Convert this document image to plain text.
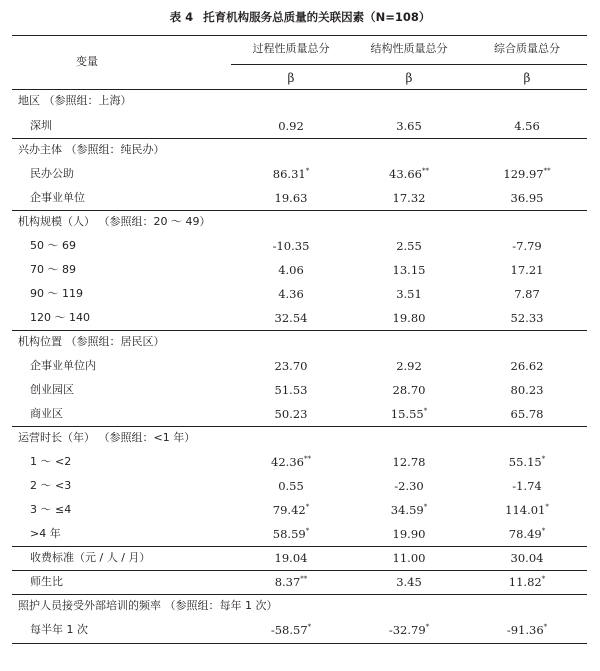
表 4 托育机构服务总质量的关联因素（N=108）
变量
过程性质量总分	结构性质量总分	综合质量总分
β	β	β
地区 （参照组：上海）
深圳	0.92	3.65	4.56
兴办主体 （参照组：纯民办）
民办公助	86.31*	43.66**	129.97**
企事业单位	19.63	17.32	36.95
机构规模（人） （参照组：20 ～ 49）
50 ～ 69	-10.35	2.55	-7.79
70 ～ 89	4.06	13.15	17.21
90 ～ 119	4.36	3.51	7.87
120 ～ 140	32.54	19.80	52.33
机构位置 （参照组：居民区）
企事业单位内	23.70	2.92	26.62
创业园区	51.53	28.70	80.23
商业区	50.23	15.55*	65.78
运营时长（年） （参照组：<1 年）
1 ～ <2	42.36**	12.78	55.15*
2 ～ <3	0.55	-2.30	-1.74
3 ～ ≤4	79.42*	34.59*	114.01*
>4 年	58.59*	19.90	78.49*
收费标准（元 / 人 / 月）	19.04	11.00	30.04
师生比	8.37**	3.45	11.82*
照护人员接受外部培训的频率 （参照组：每年 1 次）
每半年 1 次	-58.57*	-32.79*	-91.36*
